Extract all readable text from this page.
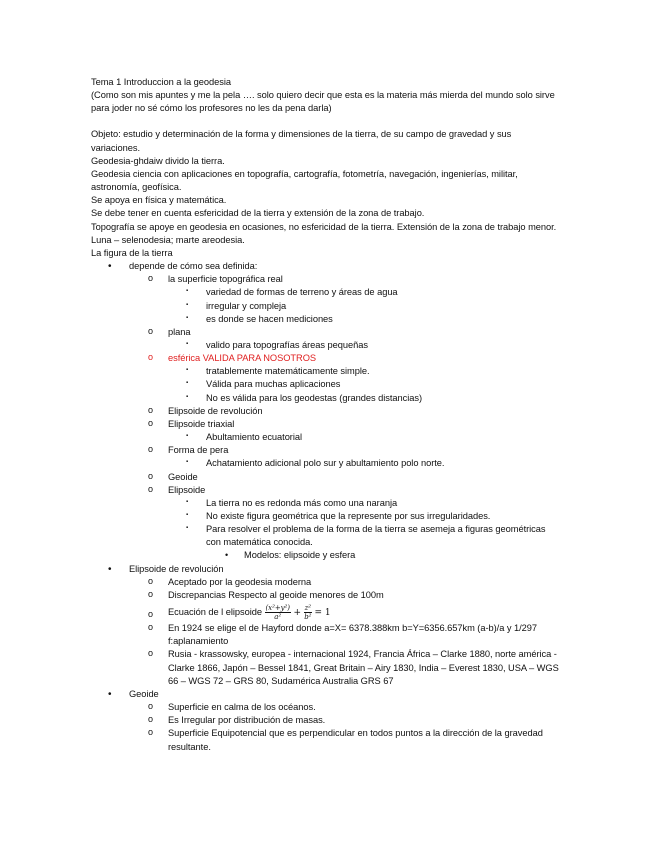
Tema 1 Introduccion a la geodesia

(Como son mis apuntes y me la pela …. solo quiero decir que esta es la materia más mierda del mundo solo sirve para joder no sé cómo los profesores no les da pena darla)

Objeto: estudio y determinación de la forma y dimensiones de la tierra, de su campo de gravedad y sus variaciones.

Geodesia-ghdaiw divido la tierra.

Geodesia ciencia con aplicaciones en topografía, cartografía, fotometría, navegación, ingenierías, militar, astronomía, geofísica.

Se apoya en física y matemática.

Se debe tener en cuenta esfericidad de la tierra y extensión de la zona de trabajo.

Topografía se apoye en geodesia en ocasiones, no esfericidad de la tierra. Extensión de la zona de trabajo menor.

Luna – selenodesia; marte areodesia.

La figura de la tierra

• depende de cómo sea definida:
o la superficie topográfica real
▪ variedad de formas de terreno y áreas de agua
▪ irregular y compleja
▪ es donde se hacen mediciones
o plana
▪ valido para topografías áreas pequeñas
o esférica VALIDA PARA NOSOTROS
▪ tratablemente matemáticamente simple.
▪ Válida para muchas aplicaciones
▪ No es válida para los geodestas (grandes distancias)
o Elipsoide de revolución
o Elipsoide triaxial
▪ Abultamiento ecuatorial
o Forma de pera
▪ Achatamiento adicional polo sur y abultamiento polo norte.
o Geoide
o Elipsoide
▪ La tierra no es redonda más como una naranja
▪ No existe figura geométrica que la represente por sus irregularidades.
▪ Para resolver el problema de la forma de la tierra se asemeja a figuras geométricas con matemática conocida.
• Modelos: elipsoide y esfera
• Elipsoide de revolución
o Aceptado por la geodesia moderna
o Discrepancias Respecto al geoide menores de 100m
o Ecuación de l elipsoide $\frac{\text{(x²+y²)}}{\text{a²}} + \frac{\text{z²}}{\text{b²}} = 1$
o En 1924 se elige el de Hayford donde a=X= 6378.388km b=Y=6356.657km (a-b)/a y 1/297 f:aplanamiento
o Rusia - krassowsky, europea - internacional 1924, Francia África – Clarke 1880, norte américa -Clarke 1866, Japón – Bessel 1841, Great Britain – Airy 1830, India – Everest 1830, USA – WGS 66 – WGS 72 – GRS 80, Sudamérica Australia GRS 67
• Geoide
o Superficie en calma de los océanos.
o Es Irregular por distribución de masas.
o Superficie Equipotencial que es perpendicular en todos puntos a la dirección de la gravedad resultante.
